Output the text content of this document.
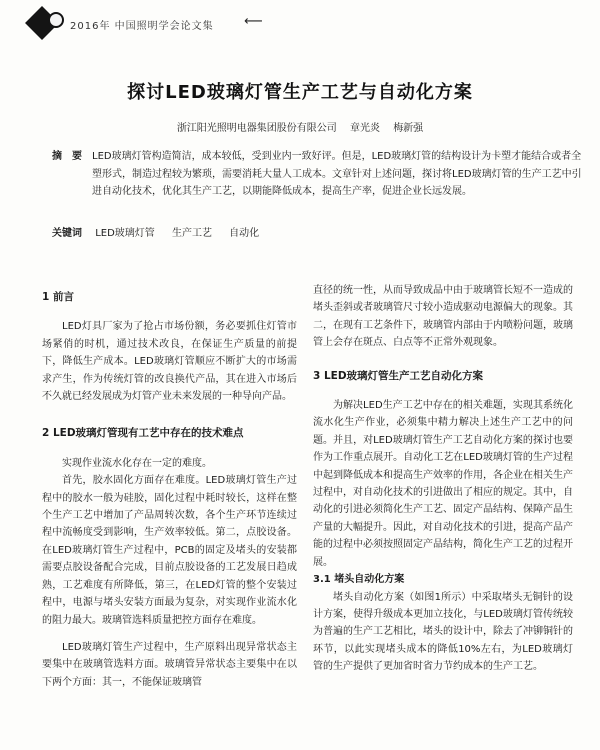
2016年 中国照明学会论文集 ⟵
探讨LED玻璃灯管生产工艺与自动化方案
浙江阳光照明电器集团股份有限公司 章光炎 梅新强
摘　要 LED玻璃灯管构造简洁，成本较低，受到业内一致好评。但是，LED玻璃灯管的结构设计为卡塑才能结合或者全塑形式，制造过程较为繁琐，需要消耗大量人工成本。文章针对上述问题，探讨将LED玻璃灯管的生产工艺中引进自动化技术，优化其生产工艺，以期能降低成本，提高生产率，促进企业长远发展。
关键词 LED玻璃灯管 生产工艺 自动化
1 前言

LED灯具厂家为了抢占市场份额，务必要抓住灯管市场紧俏的时机，通过技术改良，在保证生产质量的前提下，降低生产成本。LED玻璃灯管顺应不断扩大的市场需求产生，作为传统灯管的改良换代产品，其在进入市场后不久就已经发展成为灯管产业未来发展的一种导向产品。

2 LED玻璃灯管现有工艺中存在的技术难点

实现作业流水化存在一定的难度。

首先，胶水固化方面存在难度。LED玻璃灯管生产过程中的胶水一般为硅胶，固化过程中耗时较长，这样在整个生产工艺中增加了产品周转次数，各个生产环节连续过程中流畅度受到影响，生产效率较低。第二，点胶设备。在LED玻璃灯管生产过程中，PCB的固定及堵头的安装都需要点胶设备配合完成，目前点胶设备的工艺发展日趋成熟，工艺难度有所降低，第三，在LED灯管的整个安装过程中，电源与堵头安装方面最为复杂，对实现作业流水化的阻力最大。玻璃管选料质量把控方面存在难度。

LED玻璃灯管生产过程中，生产原料出现异常状态主要集中在玻璃管选料方面。玻璃管异常状态主要集中在以下两个方面：其一，不能保证玻璃管

直径的统一性，从而导致成品中由于玻璃管长短不一造成的堵头歪斜或者玻璃管尺寸较小造成驱动电源偏大的现象。其二，在现有工艺条件下，玻璃管内部由于内喷粉问题，玻璃管上会存在斑点、白点等不正常外观现象。

3 LED玻璃灯管生产工艺自动化方案

为解决LED生产工艺中存在的相关难题，实现其系统化流水化生产作业，必须集中精力解决上述生产工艺中的问题。并且，对LED玻璃灯管生产工艺自动化方案的探讨也要作为工作重点展开。自动化工艺在LED玻璃灯管的生产过程中起到降低成本和提高生产效率的作用，各企业在相关生产过程中，对自动化技术的引进做出了相应的规定。其中，自动化的引进必须简化生产工艺、固定产品结构、保障产品生产量的大幅提升。因此，对自动化技术的引进，提高产品产能的过程中必须按照固定产品结构，简化生产工艺的过程开展。

3.1 堵头自动化方案

堵头自动化方案（如图1所示）中采取堵头无铜针的设计方案，使得升级成本更加立技化，与LED玻璃灯管传统较为普遍的生产工艺相比，堵头的设计中，除去了冲铆铜针的环节，以此实现堵头成本的降低10%左右，为LED玻璃灯管的生产提供了更加省时省力节约成本的生产工艺。
